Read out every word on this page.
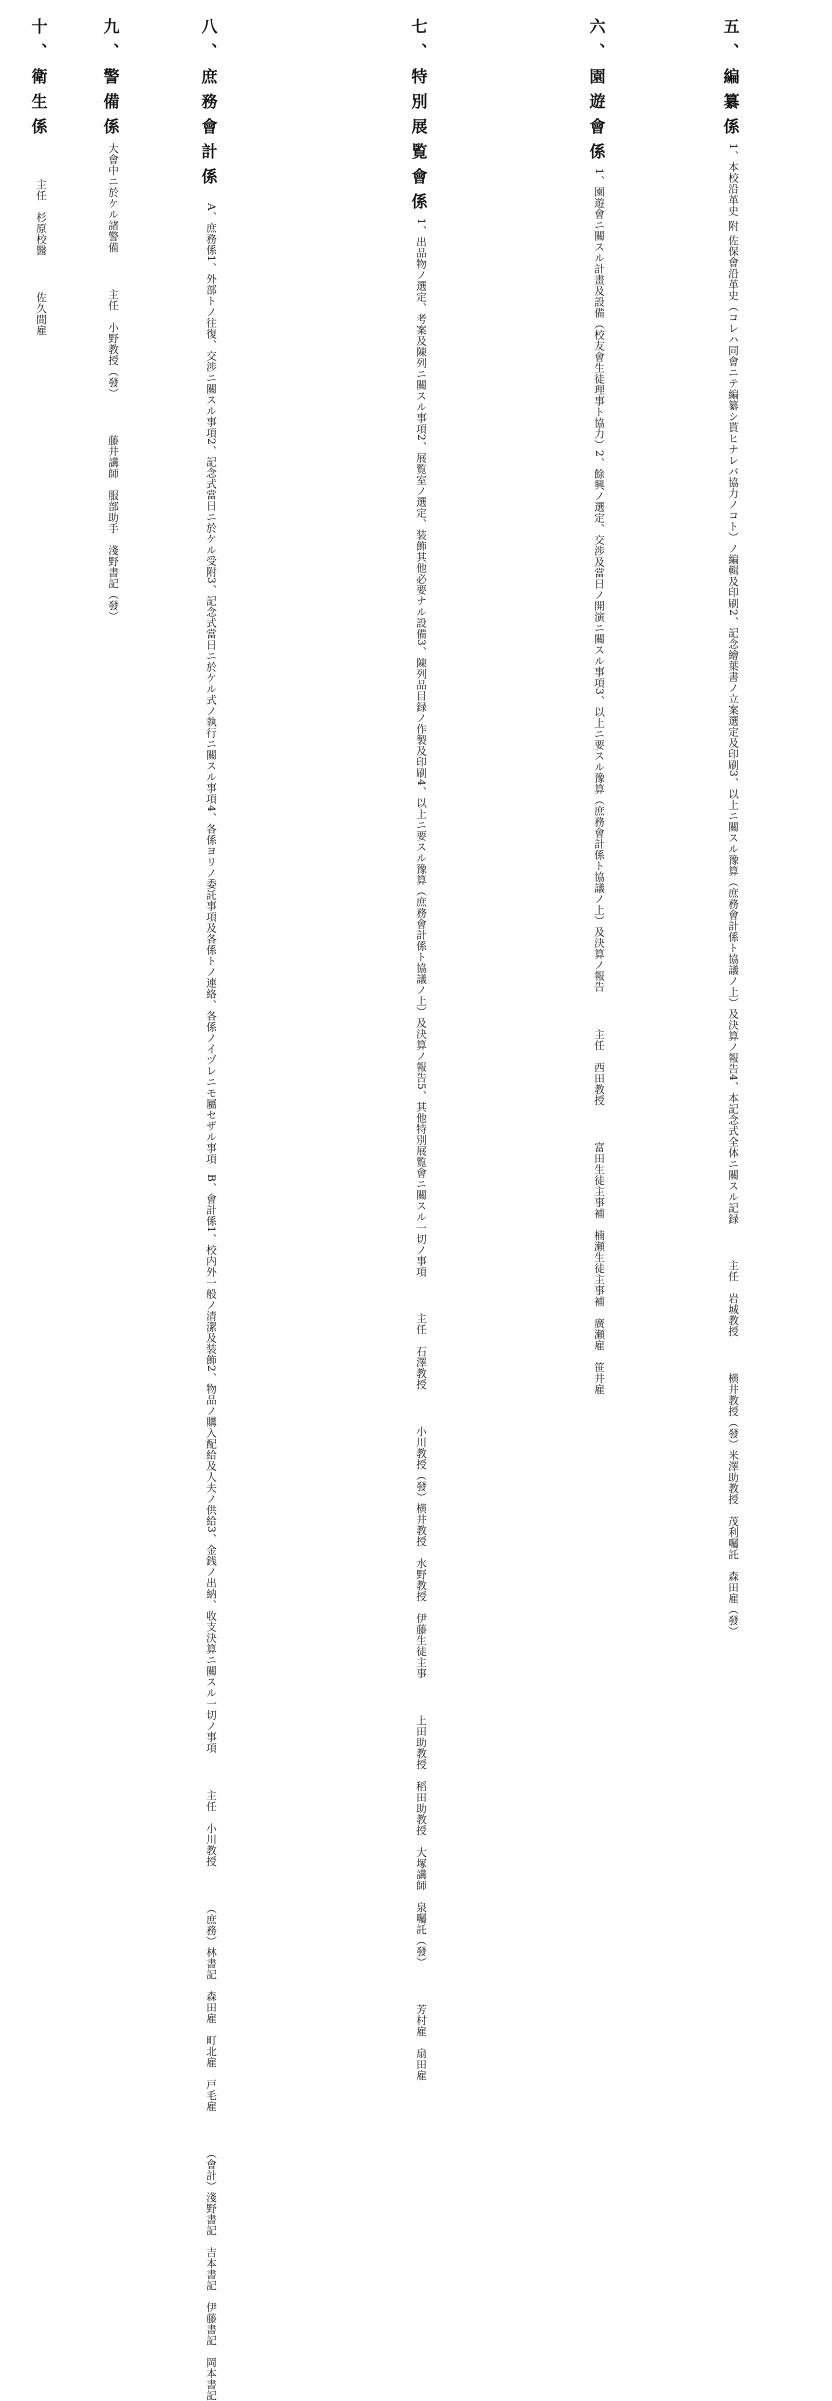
五、編纂係
1、本校沿革史 附 佐保會沿革史（コレハ同會ニテ編纂シ貰ヒナレバ協力ノコト）ノ編輯及印刷
2、記念繪葉書ノ立案選定及印刷
3、以上ニ關スル豫算（庶務會計係ト協議ノ上）及決算ノ報告
4、本記念式全体ニ關スル記録
主任　岩城教授
横井教授（發）米澤助教授　茂利囑託　森田雇（發）
六、園遊會係
1、園遊會ニ關スル計畫及設備（校友會生徒理事ト協力）
2、餘興ノ選定、交渉及當日ノ開演ニ關スル事項
3、以上ニ要スル豫算（庶務會計係ト協議ノ上）及決算ノ報告
主任　西田教授
富田生徒主事補　楠瀬生徒主事補　廣瀬雇　笹井雇
七、特別展覧會係
1、出品物ノ選定、考案及陳列ニ關スル事項
2、展覧室ノ選定、装飾其他必要ナル設備
3、陳列品目録ノ作製及印刷
4、以上ニ要スル豫算（庶務會計係ト協議ノ上）及決算ノ報告
5、其他特別展覧會ニ關スル一切ノ事項
主任　石澤教授
小川教授（發）横井教授　水野教授　伊藤生徒主事
上田助教授　稻田助教授　大塚講師　泉囑託（發）
芳村雇　扇田雇
八、庶務會計係
A、庶務係
1、外部トノ往復、交渉ニ關スル事項
2、記念式當日ニ於ケル受附
3、記念式當日ニ於ケル式ノ執行ニ關スル事項
4、各係ヨリノ委託事項及各係トノ連絡、各係ノイヅレニモ屬セザル事項
B、會計係
1、校内外一般ノ清潔及装飾
2、物品ノ購入配給及人夫ノ供給
3、金銭ノ出納、收支決算ニ關スル一切ノ事項
主任　小川教授
（庶務）林書記　森田雇　町北雇　戸毛雇
（會計）淺野書記　吉本書記　伊藤書記　岡本書記
九、警備係
大會中ニ於ケル諸警備
主任　小野教授（發）
藤井講師　服部助手　淺野書記（發）
十、衛生係
主任　杉原校醫
佐久間雇
